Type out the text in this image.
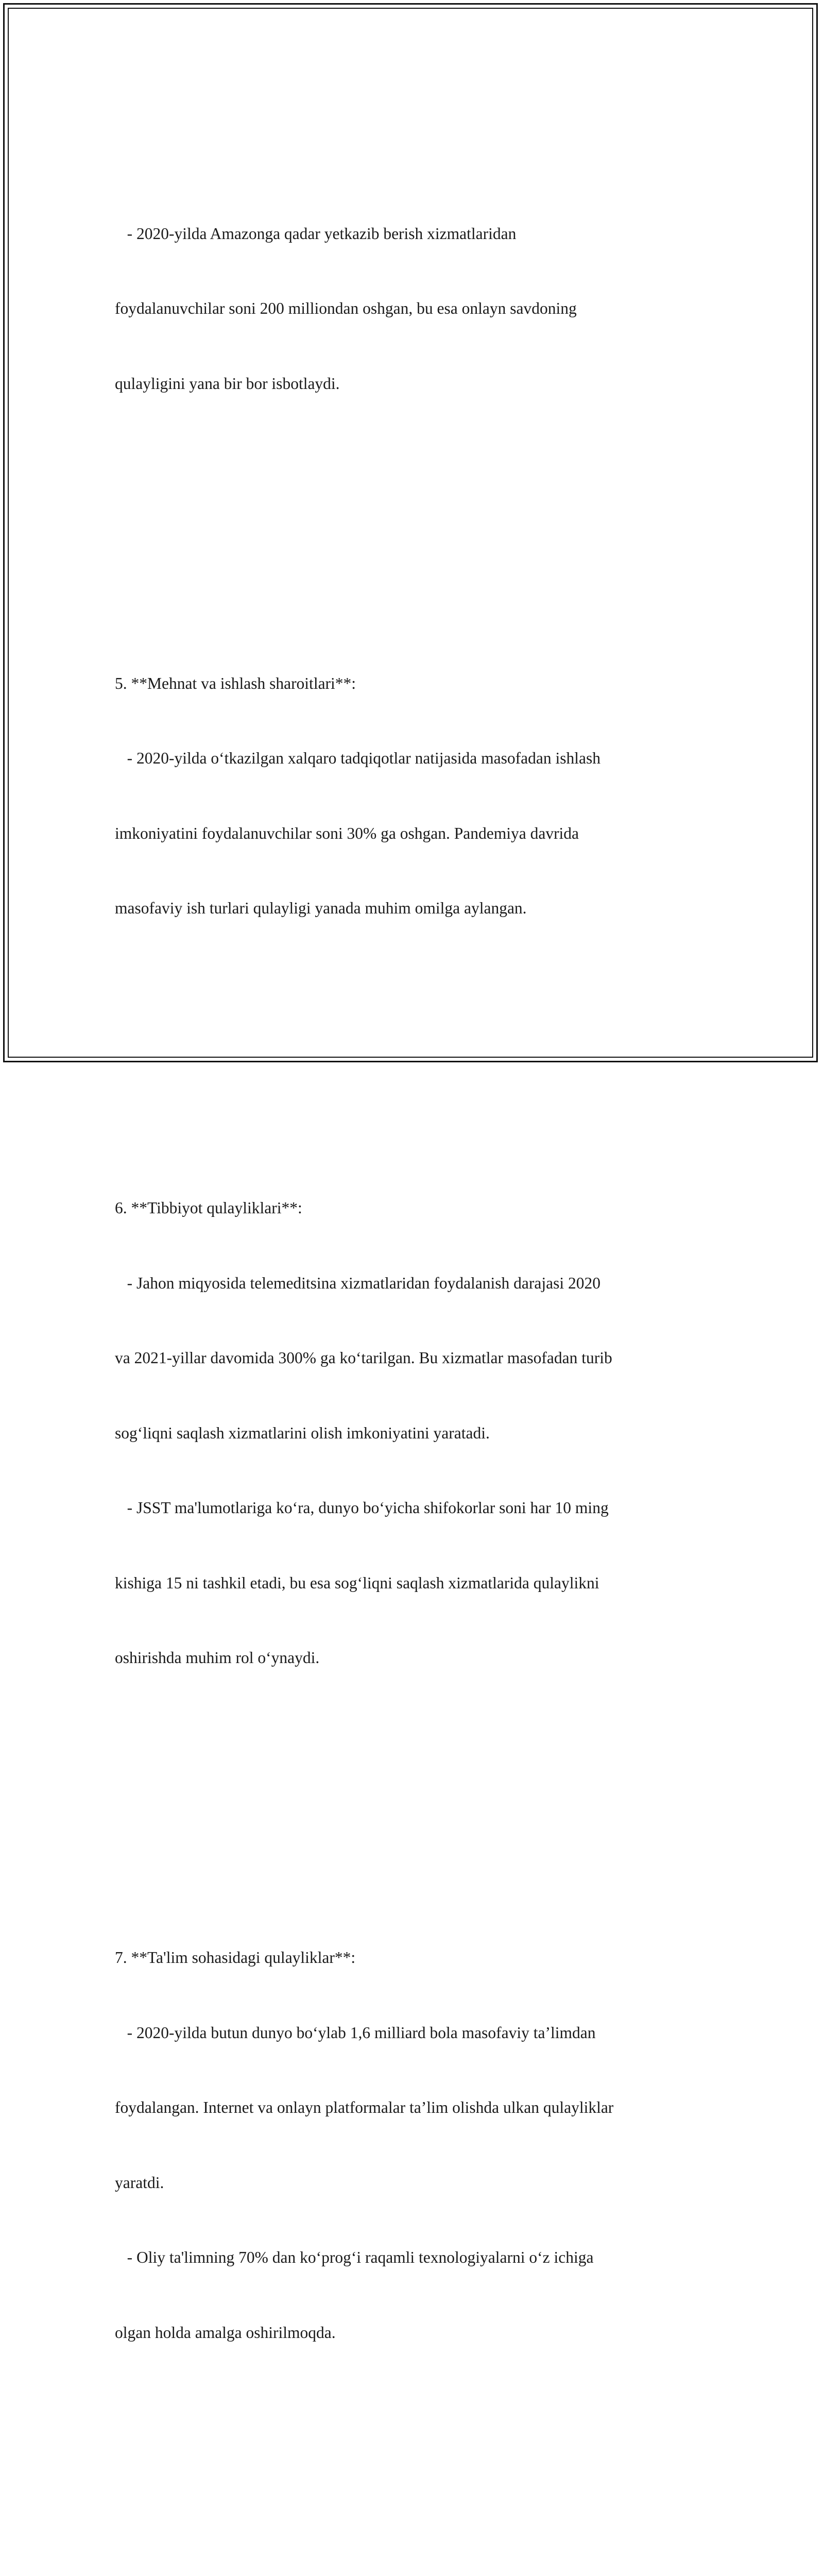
- 2020-yilda Amazonga qadar yetkazib berish xizmatlaridan

foydalanuvchilar soni 200 milliondan oshgan, bu esa onlayn savdoning

qulayligini yana bir bor isbotlaydi.

5. **Mehnat va ishlash sharoitlari**:

- 2020-yilda o‘tkazilgan xalqaro tadqiqotlar natijasida masofadan ishlash

imkoniyatini foydalanuvchilar soni 30% ga oshgan. Pandemiya davrida

masofaviy ish turlari qulayligi yanada muhim omilga aylangan.

6. **Tibbiyot qulayliklari**:

- Jahon miqyosida telemeditsina xizmatlaridan foydalanish darajasi 2020

va 2021-yillar davomida 300% ga ko‘tarilgan. Bu xizmatlar masofadan turib

sog‘liqni saqlash xizmatlarini olish imkoniyatini yaratadi.

- JSST ma'lumotlariga ko‘ra, dunyo bo‘yicha shifokorlar soni har 10 ming

kishiga 15 ni tashkil etadi, bu esa sog‘liqni saqlash xizmatlarida qulaylikni

oshirishda muhim rol o‘ynaydi.

7. **Ta'lim sohasidagi qulayliklar**:

- 2020-yilda butun dunyo bo‘ylab 1,6 milliard bola masofaviy ta’limdan

foydalangan. Internet va onlayn platformalar ta’lim olishda ulkan qulayliklar

yaratdi.

- Oliy ta'limning 70% dan ko‘prog‘i raqamli texnologiyalarni o‘z ichiga

olgan holda amalga oshirilmoqda.
